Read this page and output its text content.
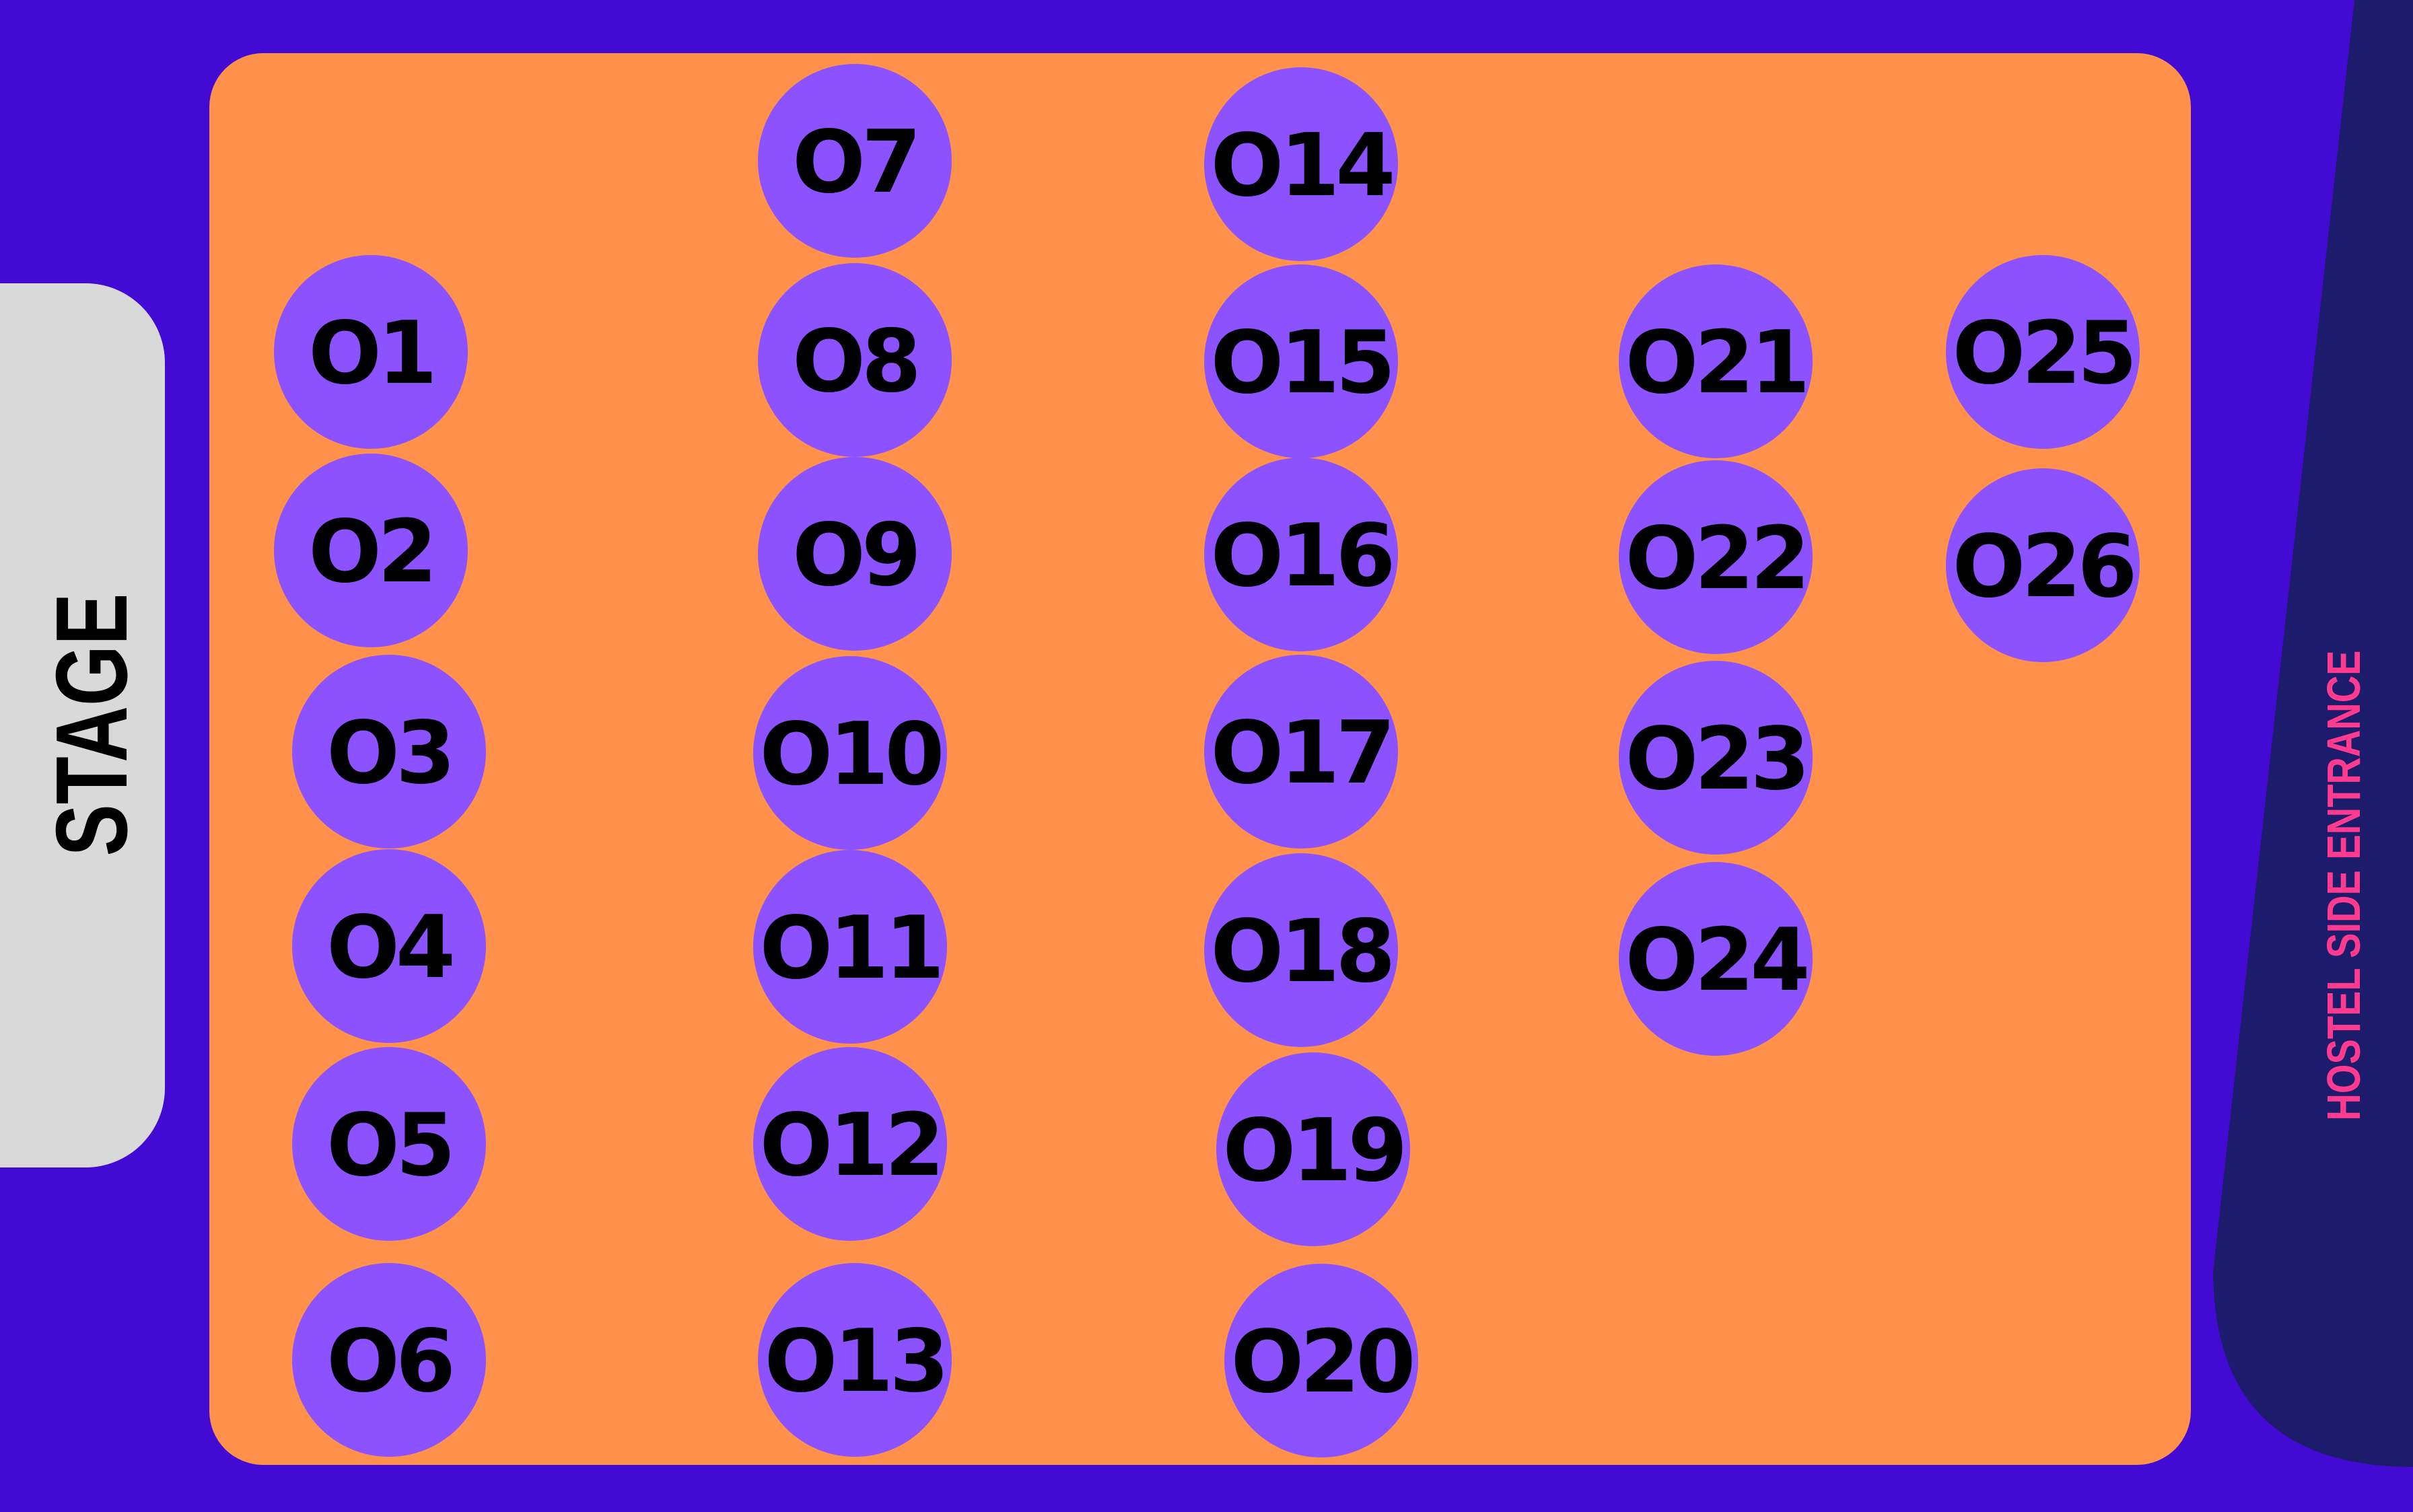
STAGE	HOSTEL SIDE ENTRANCE
O1
O2
O3
O4
O5
O6
O7
O8
O9
O10
O11
O12
O13
O14
O15
O16
O17
O18
O19
O20
O21
O22
O23
O24
O25
O26
